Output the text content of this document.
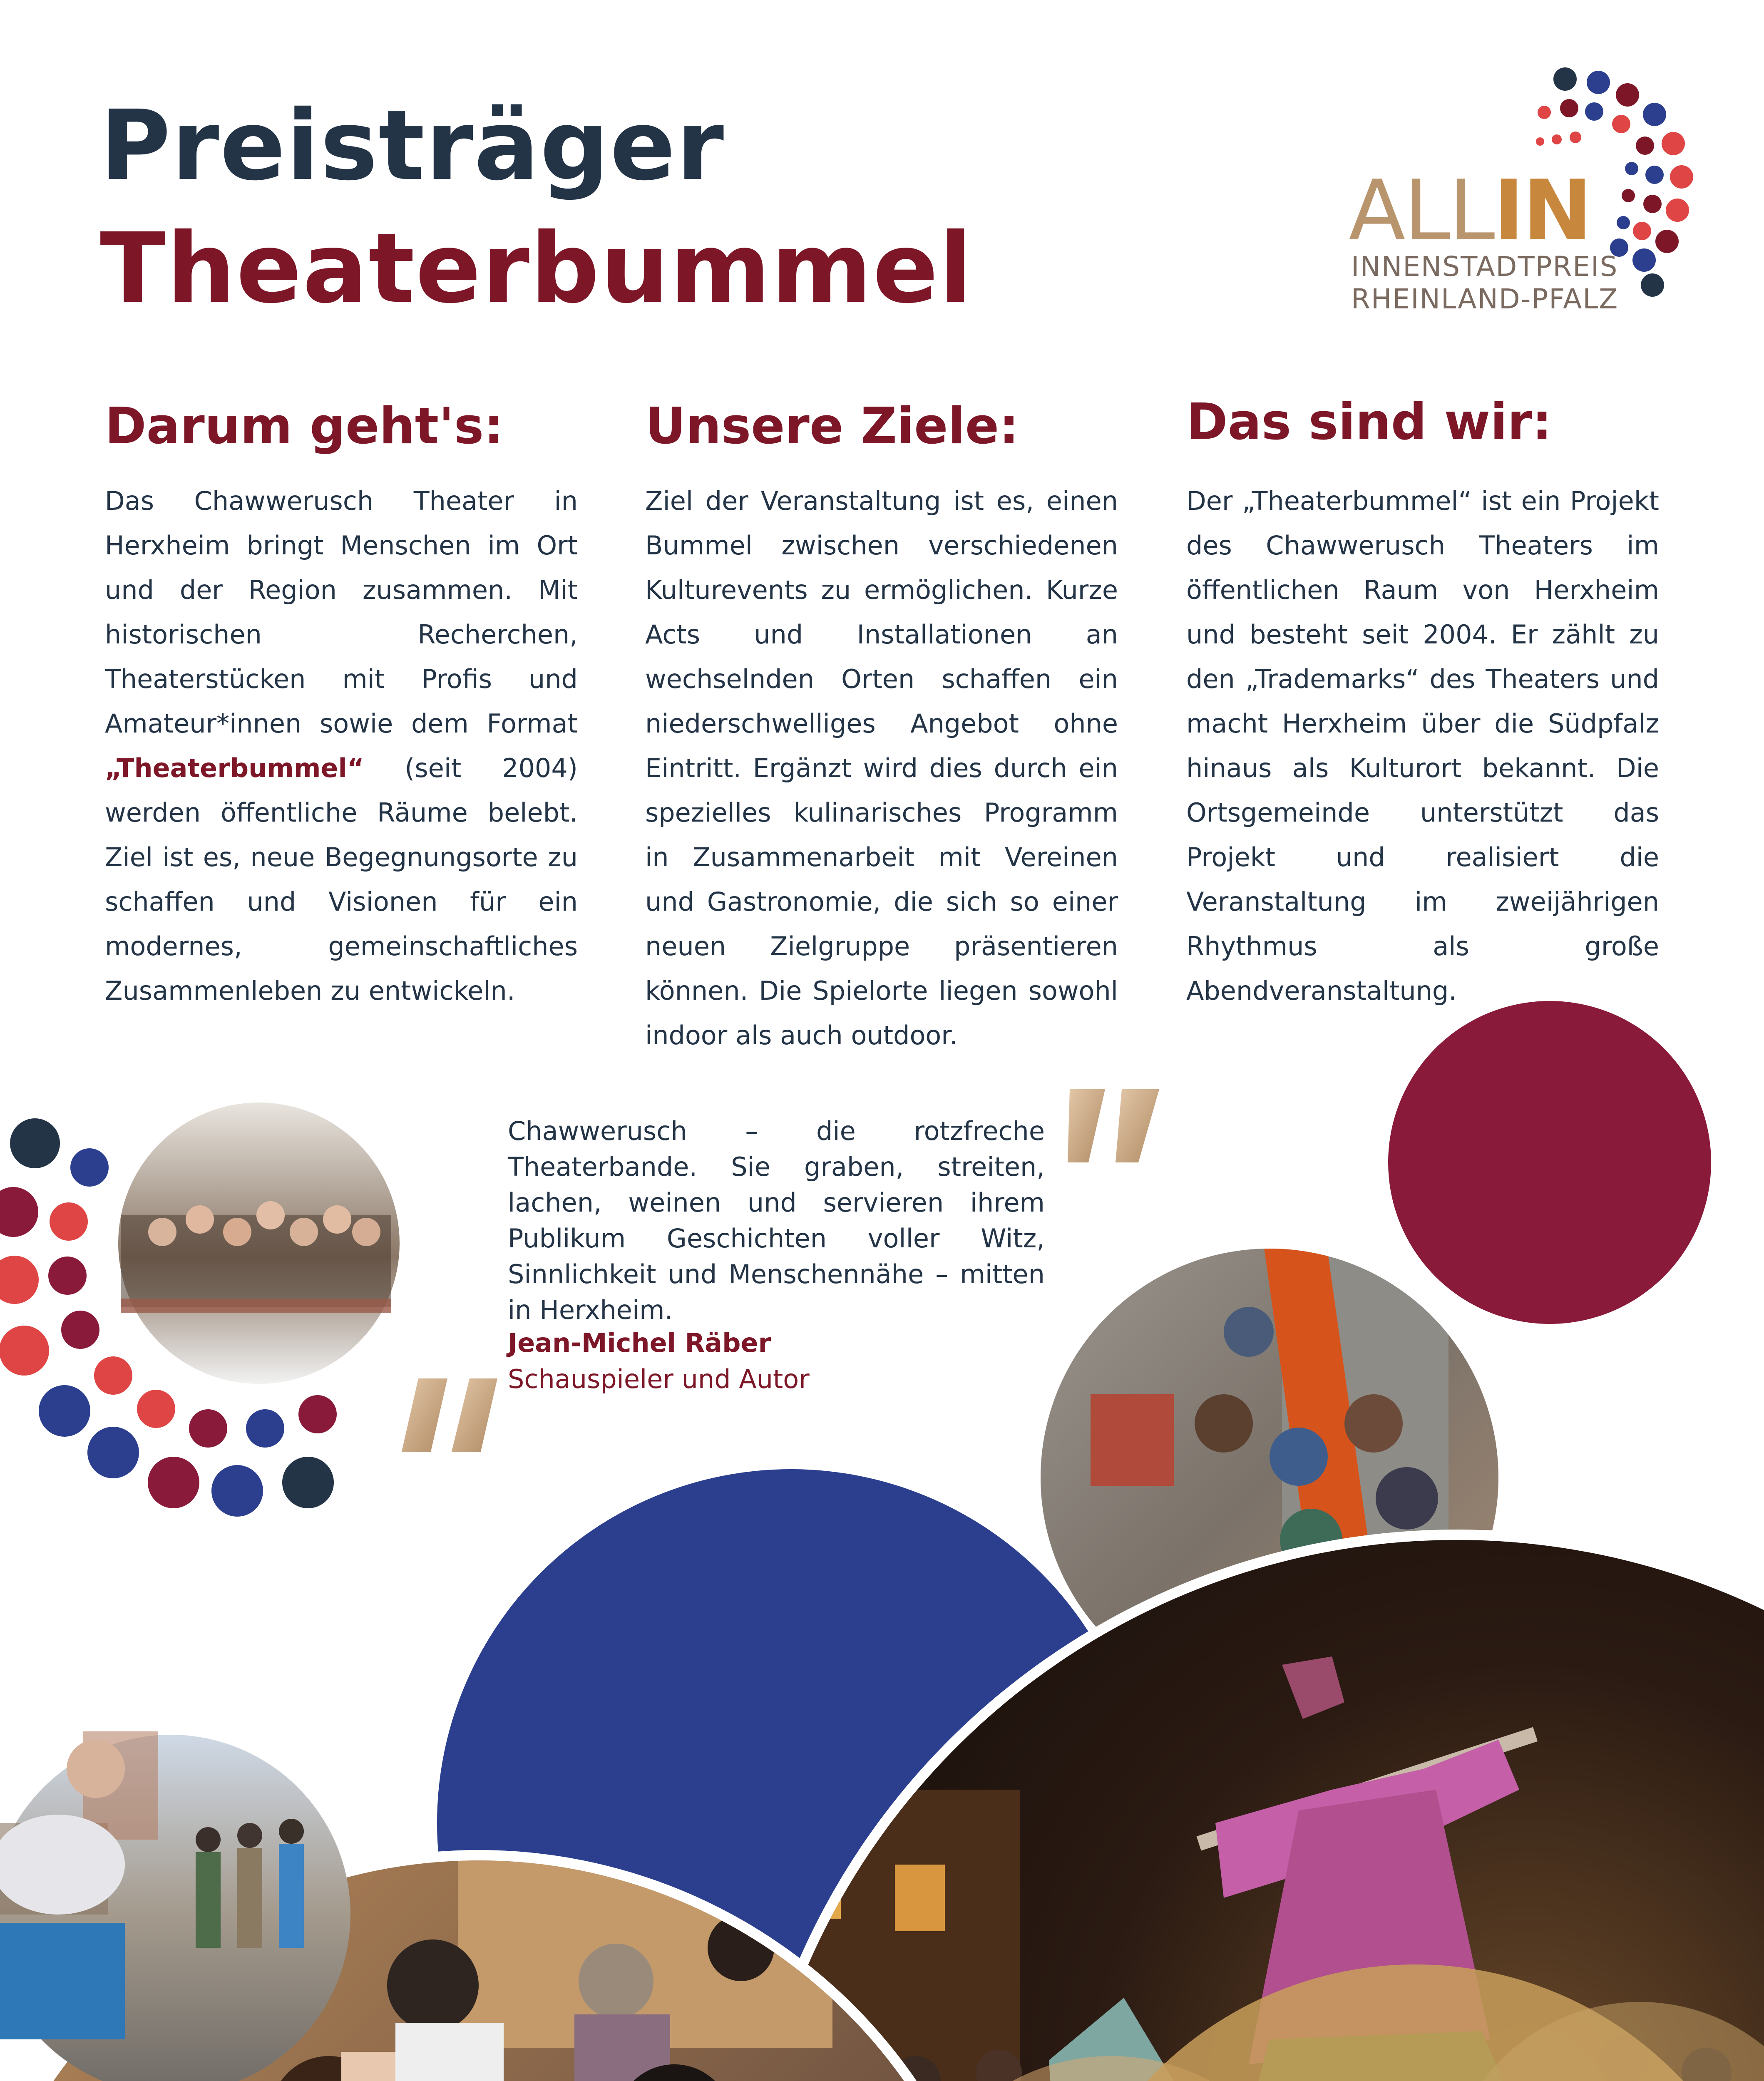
Preisträger
Theaterbummel
ALLIN
INNENSTADTPREIS
RHEINLAND-PFALZ
Darum geht's:
Das Chawwerusch Theater in Herxheim bringt Menschen im Ort und der Region zusammen. Mit historischen Recherchen, Theaterstücken mit Profis und Amateur*innen sowie dem Format „Theaterbummel“ (seit 2004) werden öffentliche Räume belebt. Ziel ist es, neue Begegnungsorte zu schaffen und Visionen für ein modernes, gemeinschaftliches Zusammenleben zu entwickeln.
Unsere Ziele:
Ziel der Veranstaltung ist es, einen Bummel zwischen verschiedenen Kulturevents zu ermöglichen. Kurze Acts und Installationen an wechselnden Orten schaffen ein niederschwelliges Angebot ohne Eintritt. Ergänzt wird dies durch ein spezielles kulinarisches Programm in Zusammenarbeit mit Vereinen und Gastronomie, die sich so einer neuen Zielgruppe präsentieren können. Die Spielorte liegen sowohl indoor als auch outdoor.
Das sind wir:
Der „Theaterbummel“ ist ein Projekt des Chawwerusch Theaters im öffentlichen Raum von Herxheim und besteht seit 2004. Er zählt zu den „Trademarks“ des Theaters und macht Herxheim über die Südpfalz hinaus als Kulturort bekannt. Die Ortsgemeinde unterstützt das Projekt und realisiert die Veranstaltung im zweijährigen Rhythmus als große Abendveranstaltung.
Chawwerusch – die rotzfreche Theaterbande. Sie graben, streiten, lachen, weinen und servieren ihrem Publikum Geschichten voller Witz, Sinnlichkeit und Menschennähe – mitten in Herxheim.
Jean-Michel Räber
Schauspieler und Autor
